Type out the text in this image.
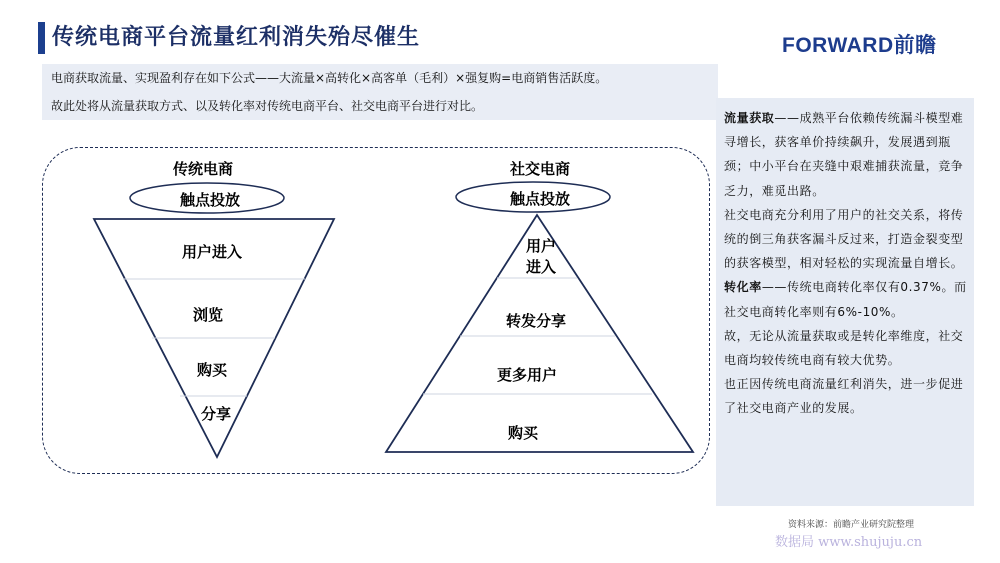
传统电商平台流量红利消失殆尽催生	FORWARD前瞻

电商获取流量、实现盈利存在如下公式——大流量×高转化×高客单（毛利）×强复购=电商销售活跃度。

故此处将从流量获取方式、以及转化率对传统电商平台、社交电商平台进行对比。

传统电商
触点投放
用户进入
浏览
购买
分享
社交电商
触点投放
用户进入
转发分享
更多用户
购买

流量获取——成熟平台依赖传统漏斗模型难寻增长，获客单价持续飙升，发展遇到瓶颈；中小平台在夹缝中艰难捕获流量，竞争乏力，难觅出路。

社交电商充分利用了用户的社交关系，将传统的倒三角获客漏斗反过来，打造金裂变型的获客模型，相对轻松的实现流量自增长。

转化率——传统电商转化率仅有0.37%。而社交电商转化率则有6%-10%。

故，无论从流量获取或是转化率维度，社交电商均较传统电商有较大优势。

也正因传统电商流量红利消失，进一步促进了社交电商产业的发展。

资料来源：前瞻产业研究院整理
数据局 www.shujuju.cn
